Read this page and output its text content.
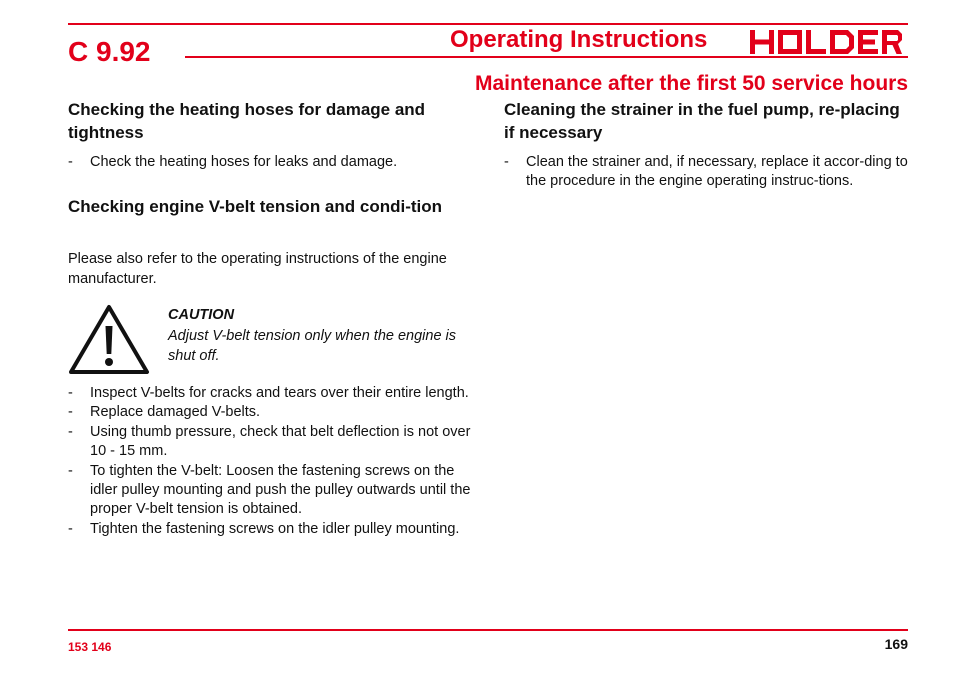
C 9.92	Operating Instructions	HOLDER
Maintenance after the first 50 service hours
Checking the heating hoses for damage and tightness
- Check the heating hoses for leaks and damage.
Checking engine V-belt tension and condi-tion
Please also refer to the operating instructions of the engine manufacturer.
CAUTION
Adjust V-belt tension only when the engine is shut off.
- Inspect V-belts for cracks and tears over their entire length.
- Replace damaged V-belts.
- Using thumb pressure, check that belt deflection is not over 10 - 15 mm.
- To tighten the V-belt: Loosen the fastening screws on the idler pulley mounting and push the pulley outwards until the proper V-belt tension is obtained.
- Tighten the fastening screws on the idler pulley mounting.
Cleaning the strainer in the fuel pump, re-placing if necessary
- Clean the strainer and, if necessary, replace it accor-ding to the procedure in the engine operating instruc-tions.
153 146	169
